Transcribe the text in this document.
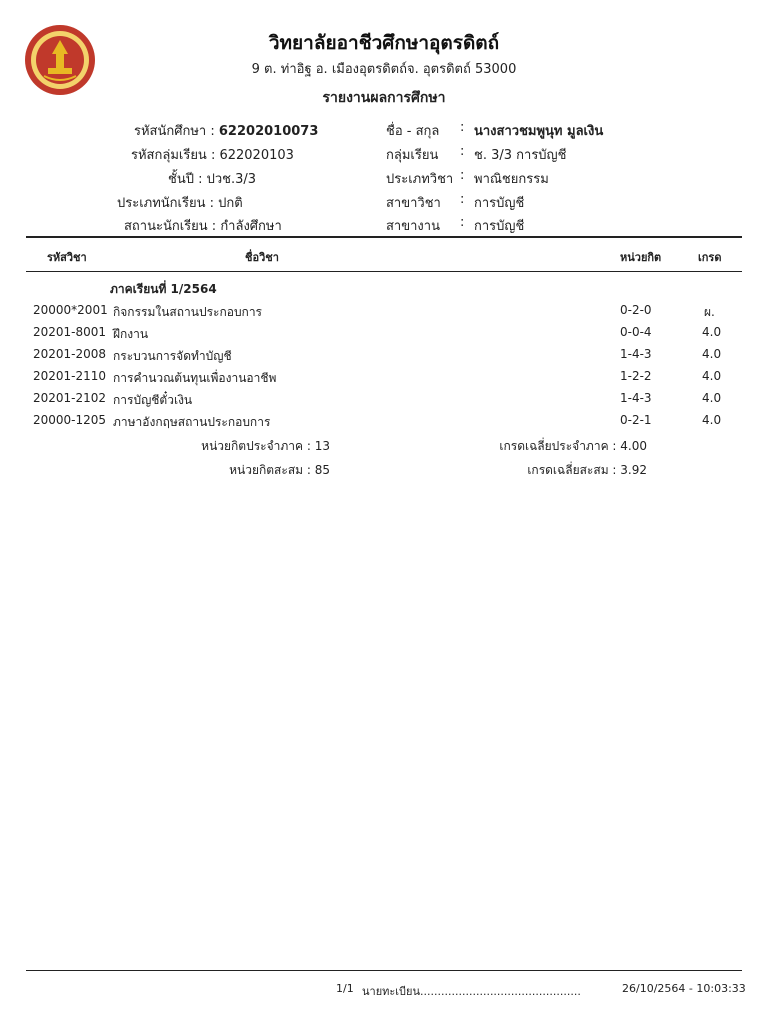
วิทยาลัยอาชีวศึกษาอุตรดิตถ์
9 ต. ท่าอิฐ อ. เมืองอุตรดิตถ์จ. อุตรดิตถ์ 53000
รายงานผลการศึกษา
รหัสนักศึกษา : 62202010073
รหัสกลุ่มเรียน : 622020103
ชั้นปี : ปวช.3/3
ประเภทนักเรียน : ปกติ
สถานะนักเรียน : กำลังศึกษา
ชื่อ - สกุล : นางสาวชมพูนุท มูลเงิน
กลุ่มเรียน : ช. 3/3 การบัญชี
ประเภทวิชา : พาณิชยกรรม
สาขาวิชา : การบัญชี
สาขางาน : การบัญชี
รหัสวิชา	ชื่อวิชา	หน่วยกิต	เกรด
ภาคเรียนที่ 1/2564
20000*2001 กิจกรรมในสถานประกอบการ	0-2-0	ผ.
20201-8001 ฝึกงาน	0-0-4	4.0
20201-2008 กระบวนการจัดทำบัญชี	1-4-3	4.0
20201-2110 การคำนวณต้นทุนเพื่องานอาชีพ	1-2-2	4.0
20201-2102 การบัญชีตั๋วเงิน	1-4-3	4.0
20000-1205 ภาษาอังกฤษสถานประกอบการ	0-2-1	4.0
หน่วยกิตประจำภาค : 13
หน่วยกิตสะสม : 85
เกรดเฉลี่ยประจำภาค : 4.00
เกรดเฉลี่ยสะสม : 3.92
1/1 นายทะเบียน..............................................	26/10/2564 - 10:03:33
